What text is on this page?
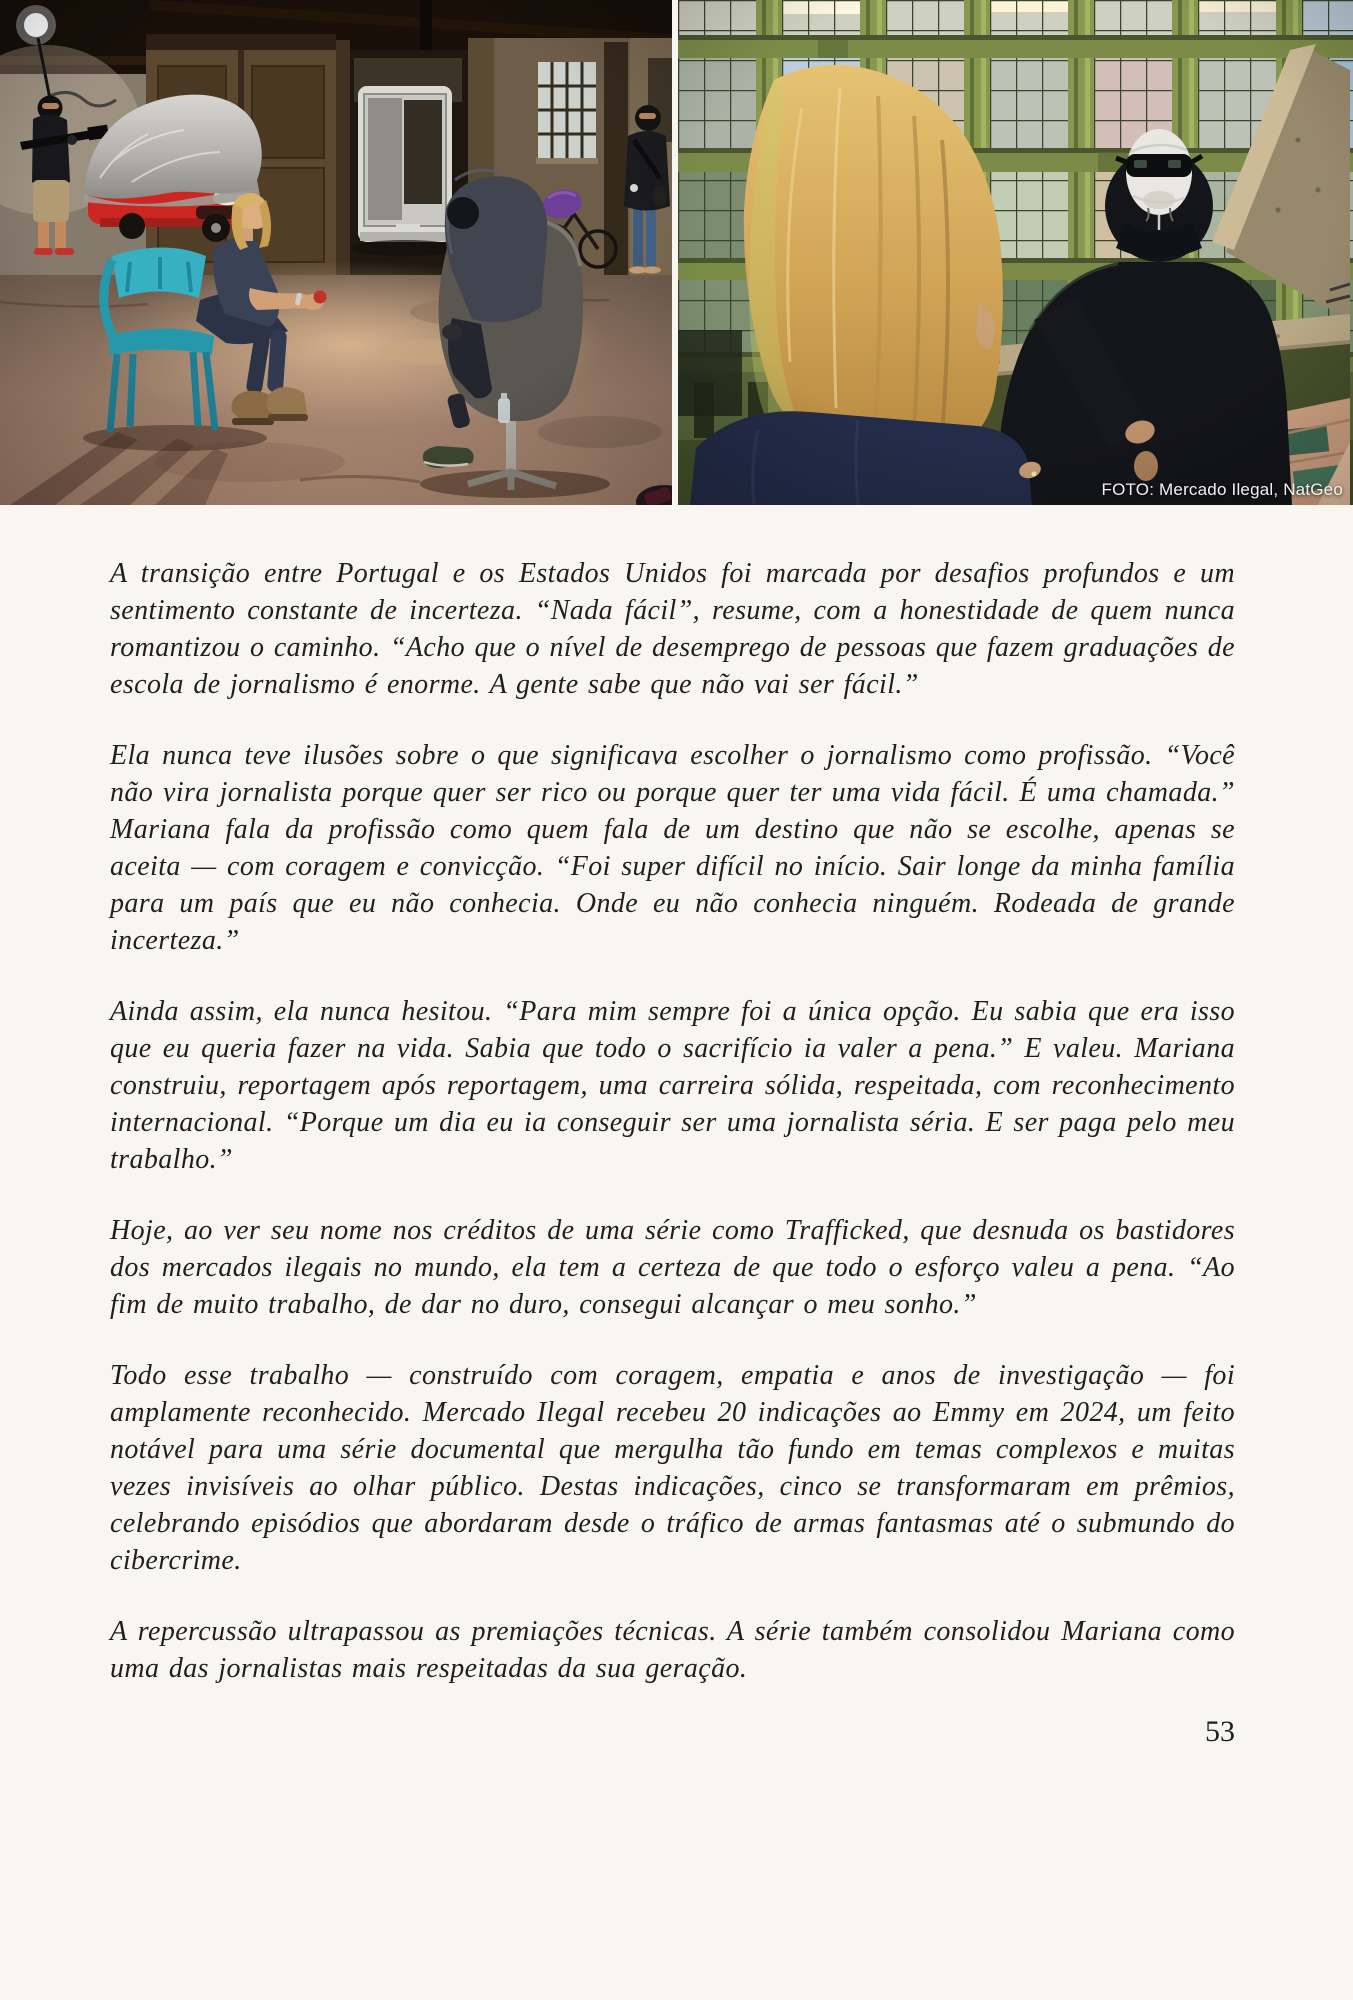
FOTO: Mercado Ilegal, NatGeo

A transição entre Portugal e os Estados Unidos foi marcada por desafios profundos e um sentimento constante de incerteza. “Nada fácil”, resume, com a honestidade de quem nunca romantizou o caminho. “Acho que o nível de desemprego de pessoas que fazem graduações de escola de jornalismo é enorme. A gente sabe que não vai ser fácil.”

Ela nunca teve ilusões sobre o que significava escolher o jornalismo como profissão. “Você não vira jornalista porque quer ser rico ou porque quer ter uma vida fácil. É uma chamada.” Mariana fala da profissão como quem fala de um destino que não se escolhe, apenas se aceita — com coragem e convicção. “Foi super difícil no início. Sair longe da minha família para um país que eu não conhecia. Onde eu não conhecia ninguém. Rodeada de grande incerteza.”

Ainda assim, ela nunca hesitou. “Para mim sempre foi a única opção. Eu sabia que era isso que eu queria fazer na vida. Sabia que todo o sacrifício ia valer a pena.” E valeu. Mariana construiu, reportagem após reportagem, uma carreira sólida, respeitada, com reconhecimento internacional. “Porque um dia eu ia conseguir ser uma jornalista séria. E ser paga pelo meu trabalho.”

Hoje, ao ver seu nome nos créditos de uma série como Trafficked, que desnuda os bastidores dos mercados ilegais no mundo, ela tem a certeza de que todo o esforço valeu a pena. “Ao fim de muito trabalho, de dar no duro, consegui alcançar o meu sonho.”

Todo esse trabalho — construído com coragem, empatia e anos de investigação — foi amplamente reconhecido. Mercado Ilegal recebeu 20 indicações ao Emmy em 2024, um feito notável para uma série documental que mergulha tão fundo em temas complexos e muitas vezes invisíveis ao olhar público. Destas indicações, cinco se transformaram em prêmios, celebrando episódios que abordaram desde o tráfico de armas fantasmas até o submundo do cibercrime.

A repercussão ultrapassou as premiações técnicas. A série também consolidou Mariana como uma das jornalistas mais respeitadas da sua geração.

53
